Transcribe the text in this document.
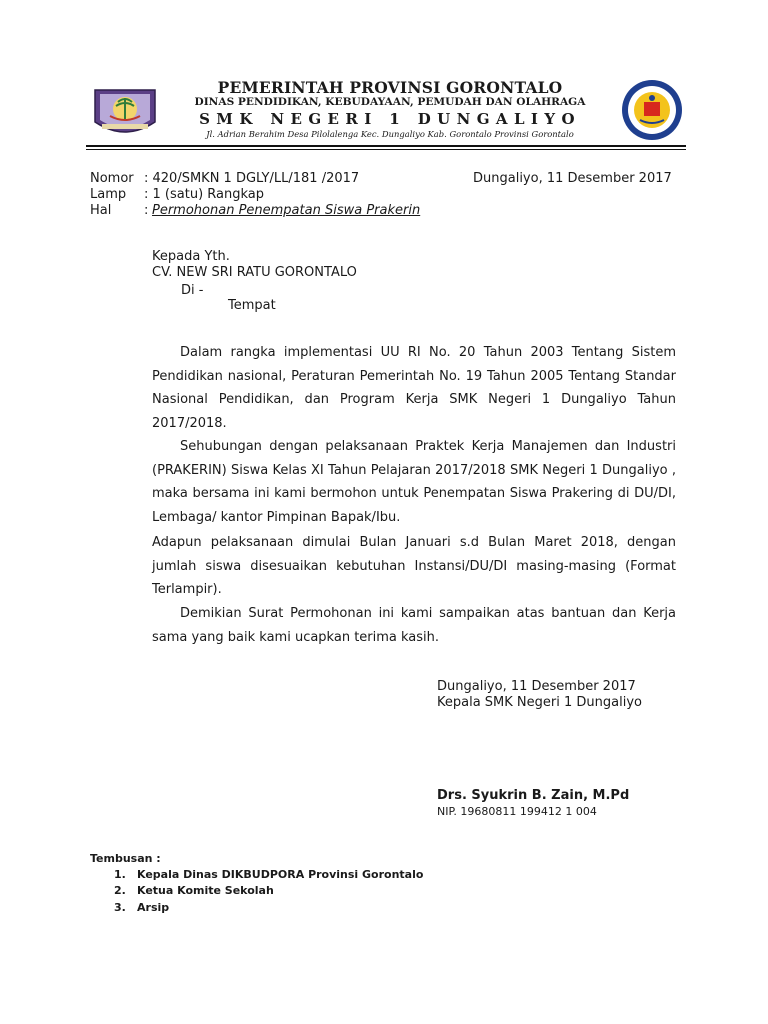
PEMERINTAH PROVINSI GORONTALO
DINAS PENDIDIKAN, KEBUDAYAAN, PEMUDAH DAN OLAHRAGA
SMK NEGERI 1 DUNGALIYO
Jl. Adrian Berahim Desa Pilolalenga Kec. Dungaliyo Kab. Gorontalo Provinsi Gorontalo
Nomor : 420/SMKN 1 DGLY/LL/181 /2017	Dungaliyo, 11 Desember 2017
Lamp : 1 (satu) Rangkap
Hal	: Permohonan Penempatan Siswa Prakerin
Kepada Yth.
CV. NEW SRI RATU GORONTALO
Di -
Tempat
Dalam rangka implementasi UU RI No. 20 Tahun 2003 Tentang Sistem Pendidikan nasional, Peraturan Pemerintah No. 19 Tahun 2005 Tentang Standar Nasional Pendidikan, dan Program Kerja SMK Negeri 1 Dungaliyo Tahun 2017/2018.
Sehubungan dengan pelaksanaan Praktek Kerja Manajemen dan Industri (PRAKERIN) Siswa Kelas XI Tahun Pelajaran 2017/2018 SMK Negeri 1 Dungaliyo , maka bersama ini kami bermohon untuk Penempatan Siswa Prakering di DU/DI, Lembaga/ kantor Pimpinan Bapak/Ibu.
Adapun pelaksanaan dimulai Bulan Januari s.d Bulan Maret 2018, dengan jumlah siswa disesuaikan kebutuhan Instansi/DU/DI masing-masing (Format Terlampir).
Demikian Surat Permohonan ini kami sampaikan atas bantuan dan Kerja sama yang baik kami ucapkan terima kasih.
Dungaliyo, 11 Desember 2017
Kepala SMK Negeri 1 Dungaliyo
Drs. Syukrin B. Zain, M.Pd
NIP. 19680811 199412 1 004
Tembusan :
1. Kepala Dinas DIKBUDPORA Provinsi Gorontalo
2. Ketua Komite Sekolah
3. Arsip
